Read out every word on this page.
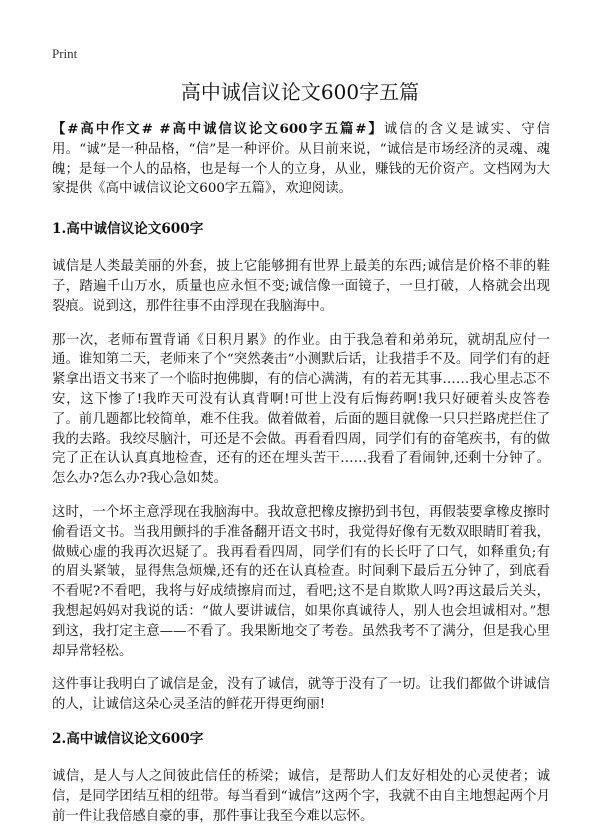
Print
高中诚信议论文600字五篇

【#高中作文# #高中诚信议论文600字五篇#】诚信的含义是诚实、守信用。“诚”是一种品格，“信”是一种评价。从目前来说，“诚信是市场经济的灵魂、魂魄；是每一个人的品格，也是每一个人的立身，从业，赚钱的无价资产。文档网为大家提供《高中诚信议论文600字五篇》，欢迎阅读。

1.高中诚信议论文600字

诚信是人类最美丽的外套，披上它能够拥有世界上最美的东西;诚信是价格不菲的鞋子，踏遍千山万水，质量也应永恒不变;诚信像一面镜子，一旦打破，人格就会出现裂痕。说到这，那件往事不由浮现在我脑海中。

那一次，老师布置背诵《日积月累》的作业。由于我急着和弟弟玩，就胡乱应付一通。谁知第二天，老师来了个“突然袭击”小测默后话，让我措手不及。同学们有的赶紧拿出语文书来了一个临时抱佛脚，有的信心满满，有的若无其事……我心里忐忑不安，这下惨了!我昨天可没有认真背啊!可世上没有后悔药啊!我只好硬着头皮答卷了。前几题都比较简单，难不住我。做着做着，后面的题目就像一只只拦路虎拦住了我的去路。我绞尽脑汁，可还是不会做。再看看四周，同学们有的奋笔疾书，有的做完了正在认认真真地检查，还有的还在埋头苦干……我看了看闹钟,还剩十分钟了。怎么办?怎么办?我心急如焚。

这时，一个坏主意浮现在我脑海中。我故意把橡皮擦扔到书包，再假装要拿橡皮擦时偷看语文书。当我用颤抖的手准备翻开语文书时，我觉得好像有无数双眼睛盯着我，做贼心虚的我再次迟疑了。我再看看四周，同学们有的长长吁了口气，如释重负;有的眉头紧皱，显得焦急烦燥,还有的还在认真检查。时间剩下最后五分钟了，到底看不看呢?不看吧，我将与好成绩擦肩而过，看吧;这不是自欺欺人吗?再这最后关头，我想起妈妈对我说的话：“做人要讲诚信，如果你真诚待人，别人也会坦诚相对。”想到这，我打定主意——不看了。我果断地交了考卷。虽然我考不了满分，但是我心里却异常轻松。

这件事让我明白了诚信是金，没有了诚信，就等于没有了一切。让我们都做个讲诚信的人，让诚信这朵心灵圣洁的鲜花开得更绚丽!

2.高中诚信议论文600字

诚信，是人与人之间彼此信任的桥梁；诚信，是帮助人们友好相处的心灵使者；诚信，是同学团结互相的纽带。每当看到“诚信”这两个字，我就不由自主地想起两个月前一件让我倍感自豪的事，那件事让我至今难以忘怀。
